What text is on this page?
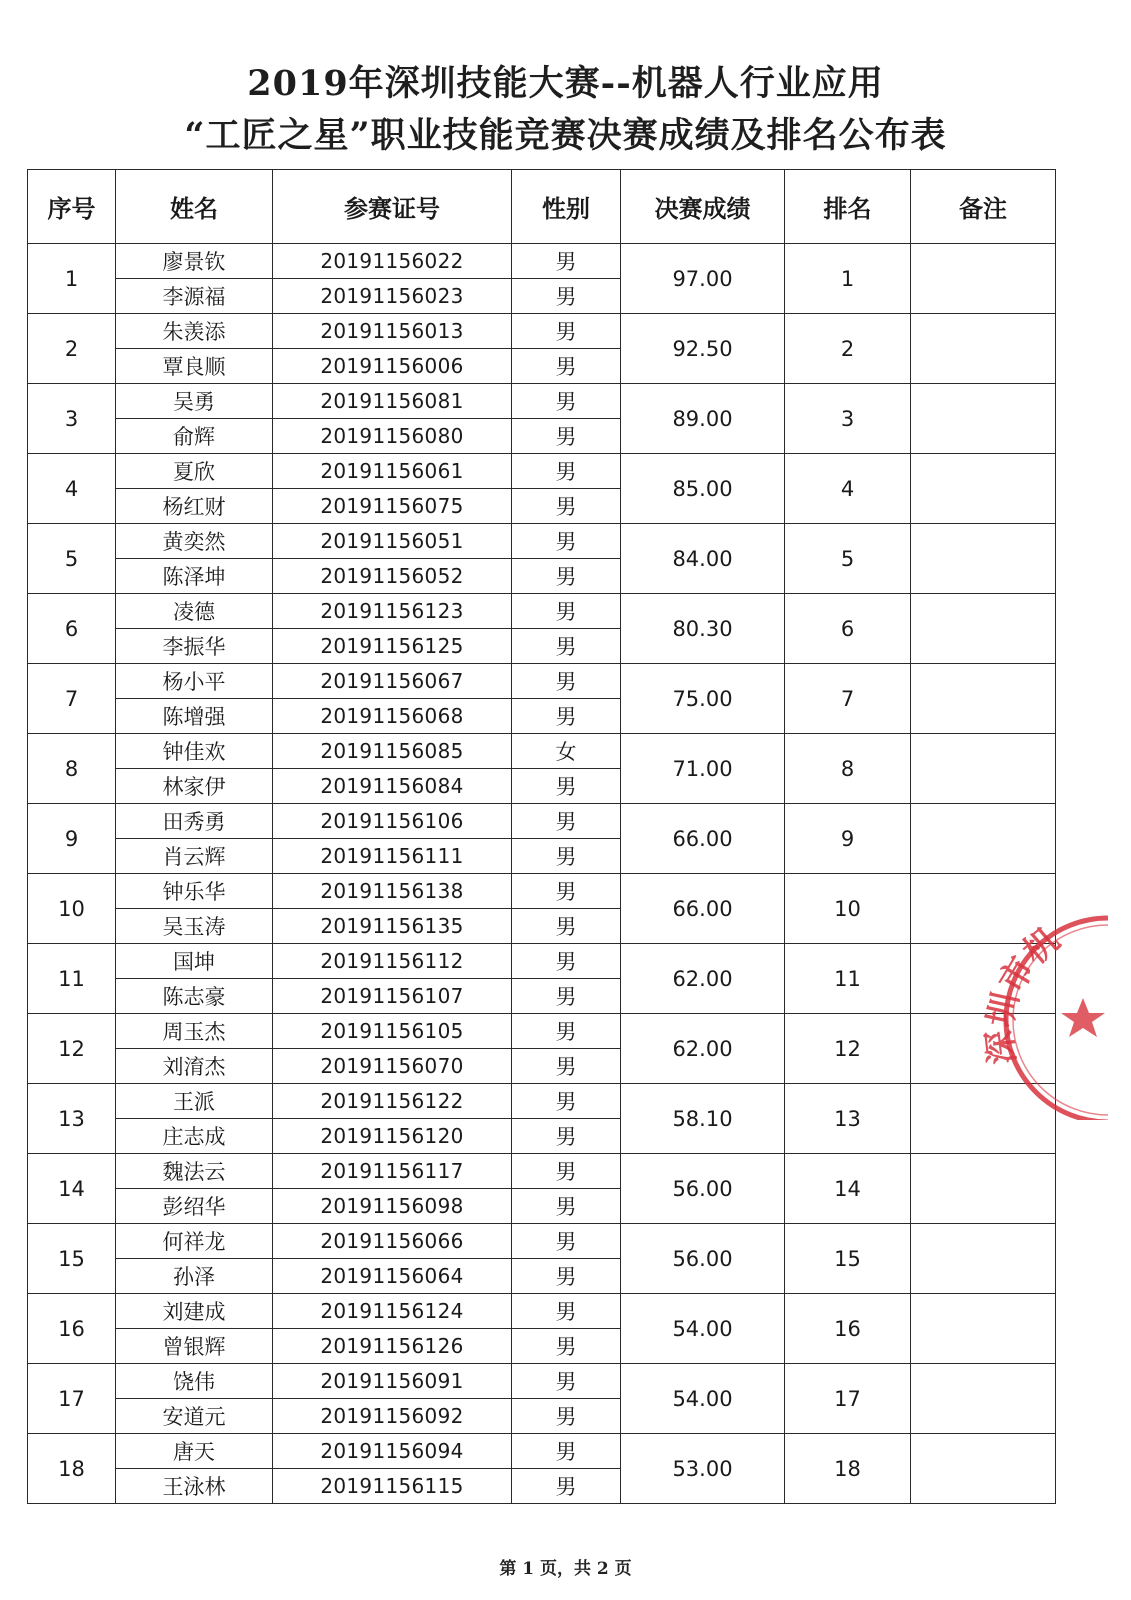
2019年深圳技能大赛--机器人行业应用
“工匠之星”职业技能竞赛决赛成绩及排名公布表
序号	姓名	参赛证号	性别	决赛成绩	排名	备注
1	廖景钦	20191156022	男	97.00	1	
	李源福	20191156023	男			
2	朱羡添	20191156013	男	92.50	2	
	覃良顺	20191156006	男			
3	吴勇	20191156081	男	89.00	3	
	俞辉	20191156080	男			
4	夏欣	20191156061	男	85.00	4	
	杨红财	20191156075	男			
5	黄奕然	20191156051	男	84.00	5	
	陈泽坤	20191156052	男			
6	凌德	20191156123	男	80.30	6	
	李振华	20191156125	男			
7	杨小平	20191156067	男	75.00	7	
	陈增强	20191156068	男			
8	钟佳欢	20191156085	女	71.00	8	
	林家伊	20191156084	男			
9	田秀勇	20191156106	男	66.00	9	
	肖云辉	20191156111	男			
10	钟乐华	20191156138	男	66.00	10	
	吴玉涛	20191156135	男			
11	国坤	20191156112	男	62.00	11	
	陈志豪	20191156107	男			
12	周玉杰	20191156105	男	62.00	12	
	刘淯杰	20191156070	男			
13	王派	20191156122	男	58.10	13	
	庄志成	20191156120	男			
14	魏法云	20191156117	男	56.00	14	
	彭绍华	20191156098	男			
15	何祥龙	20191156066	男	56.00	15	
	孙泽	20191156064	男			
16	刘建成	20191156124	男	54.00	16	
	曾银辉	20191156126	男			
17	饶伟	20191156091	男	54.00	17	
	安道元	20191156092	男			
18	唐天	20191156094	男	53.00	18	
	王泳林	20191156115	男			
第 1 页，共 2 页
深圳市机
